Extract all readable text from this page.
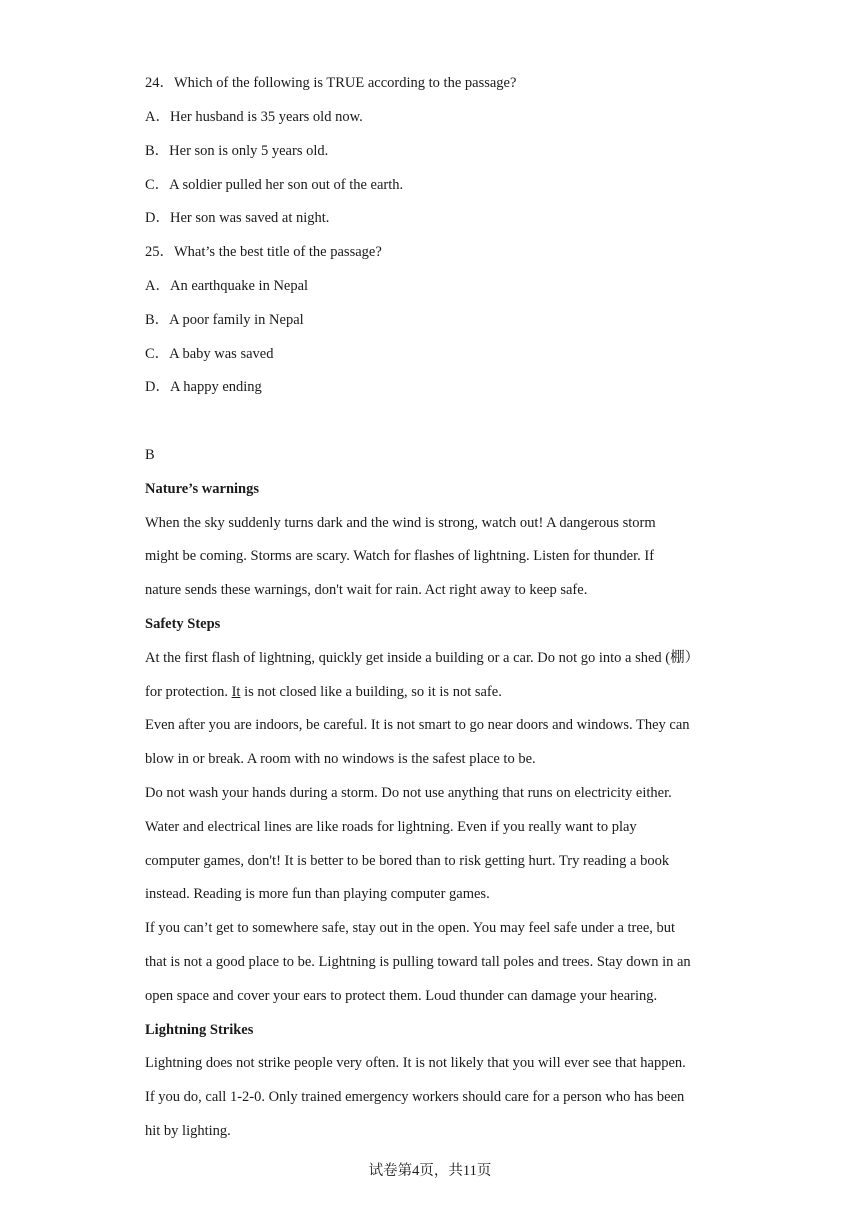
24．Which of the following is TRUE according to the passage?
A．Her husband is 35 years old now.
B．Her son is only 5 years old.
C．A soldier pulled her son out of the earth.
D．Her son was saved at night.
25．What’s the best title of the passage?
A．An earthquake in Nepal
B．A poor family in Nepal
C．A baby was saved
D．A happy ending
B
Nature’s warnings
When the sky suddenly turns dark and the wind is strong, watch out! A dangerous storm
might be coming. Storms are scary. Watch for flashes of lightning. Listen for thunder. If
nature sends these warnings, don't wait for rain. Act right away to keep safe.
Safety Steps
At the first flash of lightning, quickly get inside a building or a car. Do not go into a shed (棚）
for protection. It is not closed like a building, so it is not safe.
Even after you are indoors, be careful. It is not smart to go near doors and windows. They can
blow in or break. A room with no windows is the safest place to be.
Do not wash your hands during a storm. Do not use anything that runs on electricity either.
Water and electrical lines are like roads for lightning. Even if you really want to play
computer games, don't! It is better to be bored than to risk getting hurt. Try reading a book
instead. Reading is more fun than playing computer games.
If you can’t get to somewhere safe, stay out in the open. You may feel safe under a tree, but
that is not a good place to be. Lightning is pulling toward tall poles and trees. Stay down in an
open space and cover your ears to protect them. Loud thunder can damage your hearing.
Lightning Strikes
Lightning does not strike people very often. It is not likely that you will ever see that happen.
If you do, call 1-2-0. Only trained emergency workers should care for a person who has been
hit by lighting.
试卷第4页，共11页
